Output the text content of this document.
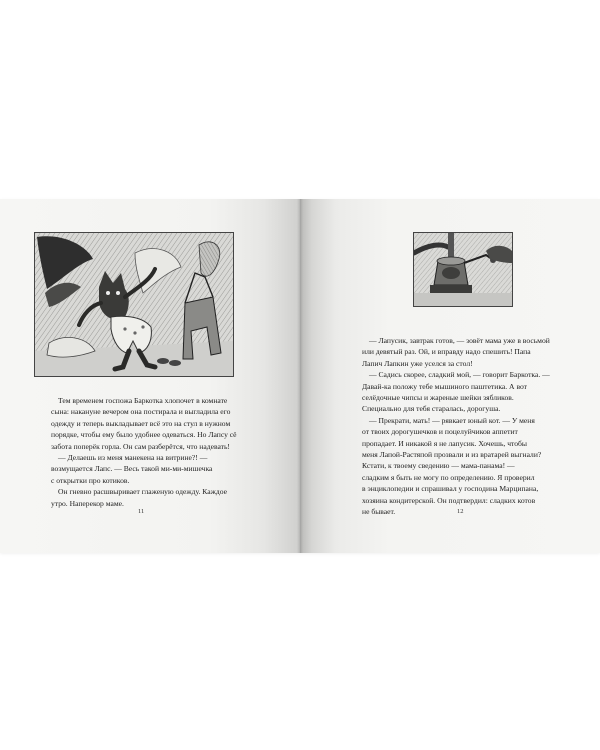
Тем временем госпожа Баркотка хлопочет в комнате

сына: накануне вечером она постирала и выгладила его

одежду и теперь выкладывает всё это на стул в нужном

порядке, чтобы ему было удобнее одеваться. Но Лапсу сё

забота поперёк горла. Он сам разберётся, что надевать!

— Делаешь из меня манекена на витрине?! —

возмущается Лапс. — Весь такой ми-ми-мишечка

с открытки про котиков.

Он гневно расшвыривает глаженую одежду. Каждое

утро. Наперекор маме.

11

— Лапусик, завтрак готов, — зовёт мама уже в восьмой

или девятый раз. Ой, и вправду надо спешить! Папа

Лапич Лапкин уже уселся за стол!

— Садись скорее, сладкий мой, — говорит Баркотка. —

Давай-ка положу тебе мышиного паштетика. А вот

селёдочные чипсы и жареные шейки зябликов.

Специально для тебя старалась, дорогуша.

— Прекрати, мать! — рявкает юный кот. — У меня

от твоих дорогушечков и поцелуйчиков аппетит

пропадает. И никакой я не лапусик. Хочешь, чтобы

меня Лапой-Растяпой прозвали и из вратарей выгнали?

Кстати, к твоему сведению — мама-панама! —

сладким я быть не могу по определению. Я проверил

в энциклопедии и спрашивал у господина Марципана,

хозяина кондитерской. Он подтвердил: сладких котов

не бывает.	12
